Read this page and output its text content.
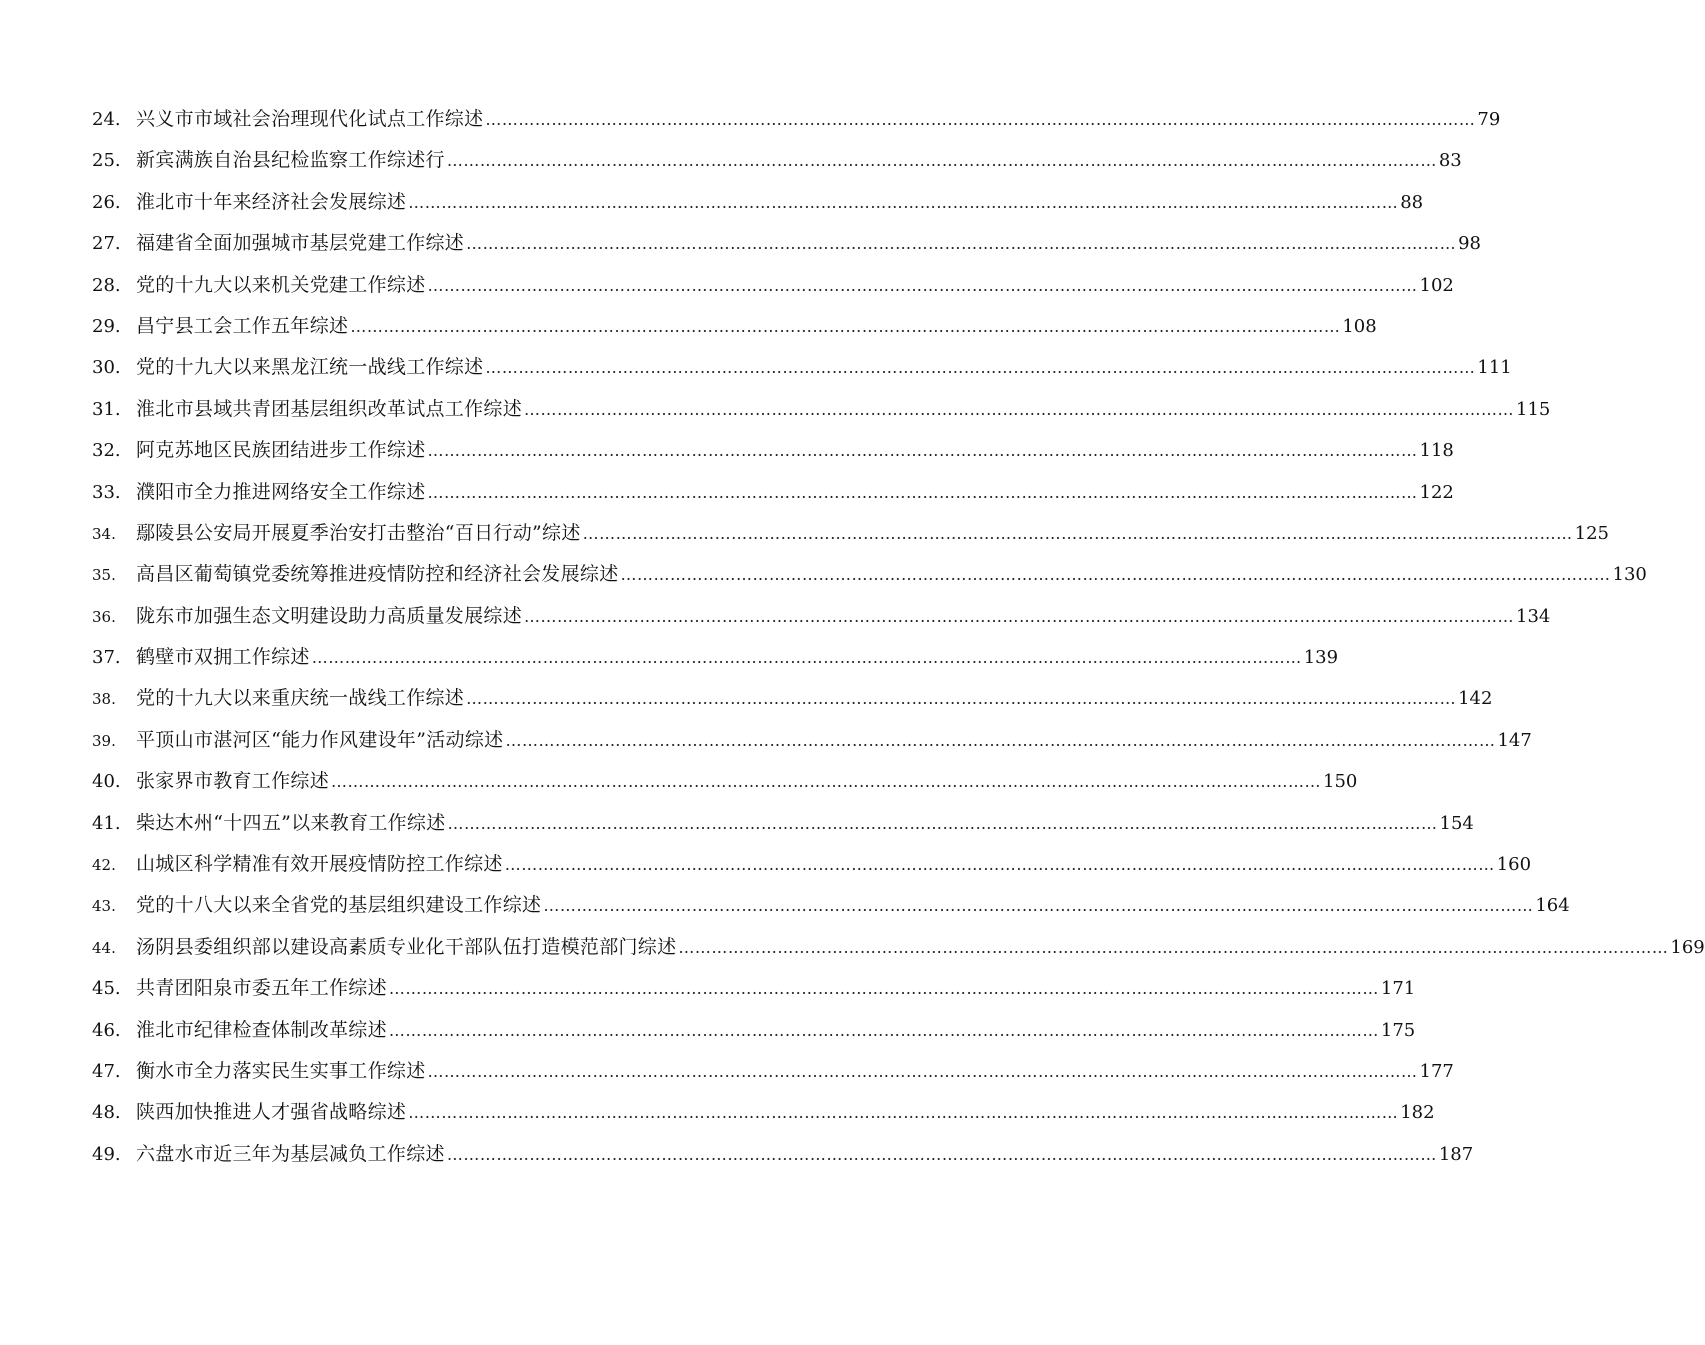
24. 兴义市市域社会治理现代化试点工作综述 ……………………………………………………………………………………………………………………………………………………………… 79
25. 新宾满族自治县纪检监察工作综述行 ……………………………………………………………………………………………………………………………………………………………… 83
26. 淮北市十年来经济社会发展综述 ……………………………………………………………………………………………………………………………………………………………… 88
27. 福建省全面加强城市基层党建工作综述 ……………………………………………………………………………………………………………………………………………………………… 98
28. 党的十九大以来机关党建工作综述 ……………………………………………………………………………………………………………………………………………………………… 102
29. 昌宁县工会工作五年综述 ……………………………………………………………………………………………………………………………………………………………… 108
30. 党的十九大以来黑龙江统一战线工作综述 ……………………………………………………………………………………………………………………………………………………………… 111
31. 淮北市县域共青团基层组织改革试点工作综述 ……………………………………………………………………………………………………………………………………………………………… 115
32. 阿克苏地区民族团结进步工作综述 ……………………………………………………………………………………………………………………………………………………………… 118
33. 濮阳市全力推进网络安全工作综述 ……………………………………………………………………………………………………………………………………………………………… 122
34.	鄢陵县公安局开展夏季治安打击整治“百日行动”综述 ……………………………………………………………………………………………………………………………………………………………… 125
35.	高昌区葡萄镇党委统筹推进疫情防控和经济社会发展综述 ……………………………………………………………………………………………………………………………………………………………… 130
36.	陇东市加强生态文明建设助力高质量发展综述 ……………………………………………………………………………………………………………………………………………………………… 134
37. 鹤壁市双拥工作综述 ……………………………………………………………………………………………………………………………………………………………… 139
38.	党的十九大以来重庆统一战线工作综述 ……………………………………………………………………………………………………………………………………………………………… 142
39.	平顶山市湛河区“能力作风建设年”活动综述 ……………………………………………………………………………………………………………………………………………………………… 147
40. 张家界市教育工作综述 ……………………………………………………………………………………………………………………………………………………………… 150
41. 柴达木州“十四五”以来教育工作综述 ……………………………………………………………………………………………………………………………………………………………… 154
42.	山城区科学精准有效开展疫情防控工作综述 ……………………………………………………………………………………………………………………………………………………………… 160
43.	党的十八大以来全省党的基层组织建设工作综述 ……………………………………………………………………………………………………………………………………………………………… 164
44.	汤阴县委组织部以建设高素质专业化干部队伍打造模范部门综述 ……………………………………………………………………………………………………………………………………………………………… 169
45. 共青团阳泉市委五年工作综述 ……………………………………………………………………………………………………………………………………………………………… 171
46. 淮北市纪律检查体制改革综述 ……………………………………………………………………………………………………………………………………………………………… 175
47. 衡水市全力落实民生实事工作综述 ……………………………………………………………………………………………………………………………………………………………… 177
48. 陕西加快推进人才强省战略综述 ……………………………………………………………………………………………………………………………………………………………… 182
49. 六盘水市近三年为基层减负工作综述 ……………………………………………………………………………………………………………………………………………………………… 187
